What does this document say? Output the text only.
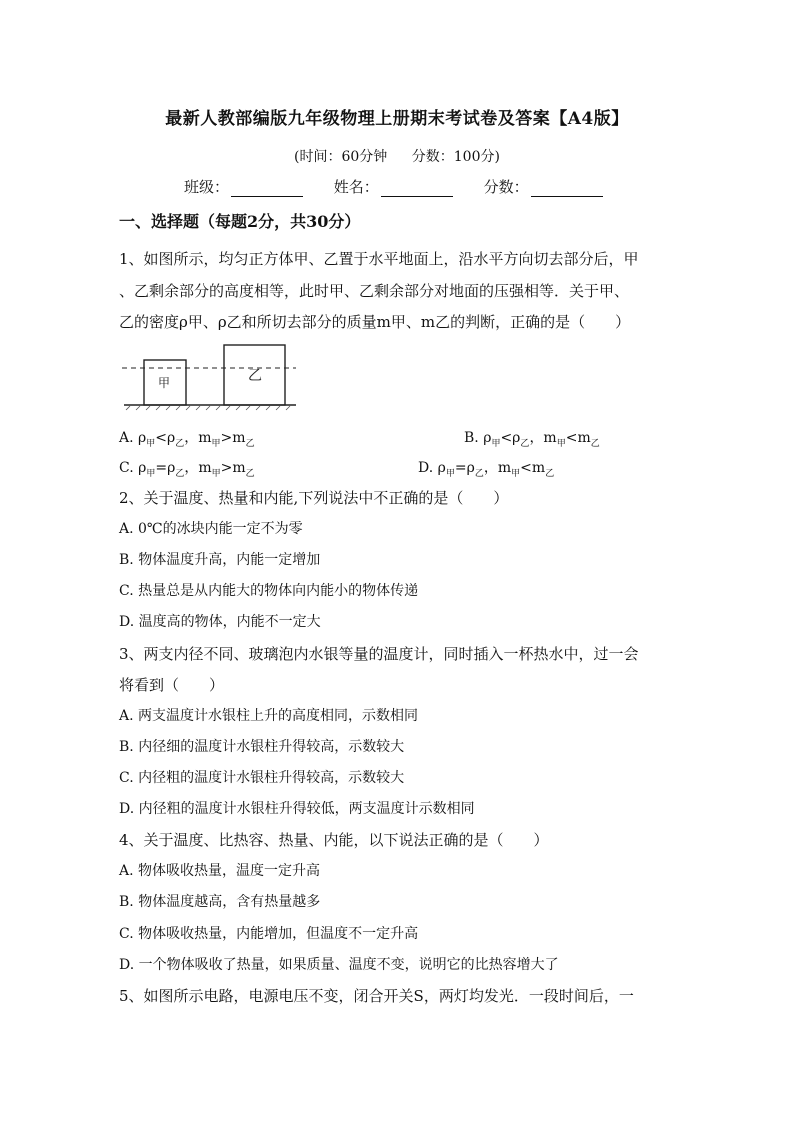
最新人教部编版九年级物理上册期末考试卷及答案【A4版】
(时间：60分钟 分数：100分)
班级：	姓名：	分数：
一、选择题（每题2分，共30分）
1、如图所示，均匀正方体甲、乙置于水平地面上，沿水平方向切去部分后，甲
、乙剩余部分的高度相等，此时甲、乙剩余部分对地面的压强相等．关于甲、
乙的密度ρ甲、ρ乙和所切去部分的质量m甲、m乙的判断，正确的是（　　）
甲	乙
A. $\rho_甲<\rho_乙$，$m_甲>m_乙$	B. $\rho_甲<\rho_乙$，$m_甲<m_乙$
C. $\rho_甲=\rho_乙$，$m_甲>m_乙$	D. $\rho_甲=\rho_乙$，$m_甲<m_乙$
2、关于温度、热量和内能,下列说法中不正确的是（　　）
A. 0℃的冰块内能一定不为零
B. 物体温度升高，内能一定增加
C. 热量总是从内能大的物体向内能小的物体传递
D. 温度高的物体，内能不一定大
3、两支内径不同、玻璃泡内水银等量的温度计，同时插入一杯热水中，过一会
将看到（　　）
A. 两支温度计水银柱上升的高度相同，示数相同
B. 内径细的温度计水银柱升得较高，示数较大
C. 内径粗的温度计水银柱升得较高，示数较大
D. 内径粗的温度计水银柱升得较低，两支温度计示数相同
4、关于温度、比热容、热量、内能，以下说法正确的是（　　）
A. 物体吸收热量，温度一定升高
B. 物体温度越高，含有热量越多
C. 物体吸收热量，内能增加，但温度不一定升高
D. 一个物体吸收了热量，如果质量、温度不变，说明它的比热容增大了
5、如图所示电路，电源电压不变，闭合开关S，两灯均发光．一段时间后，一
